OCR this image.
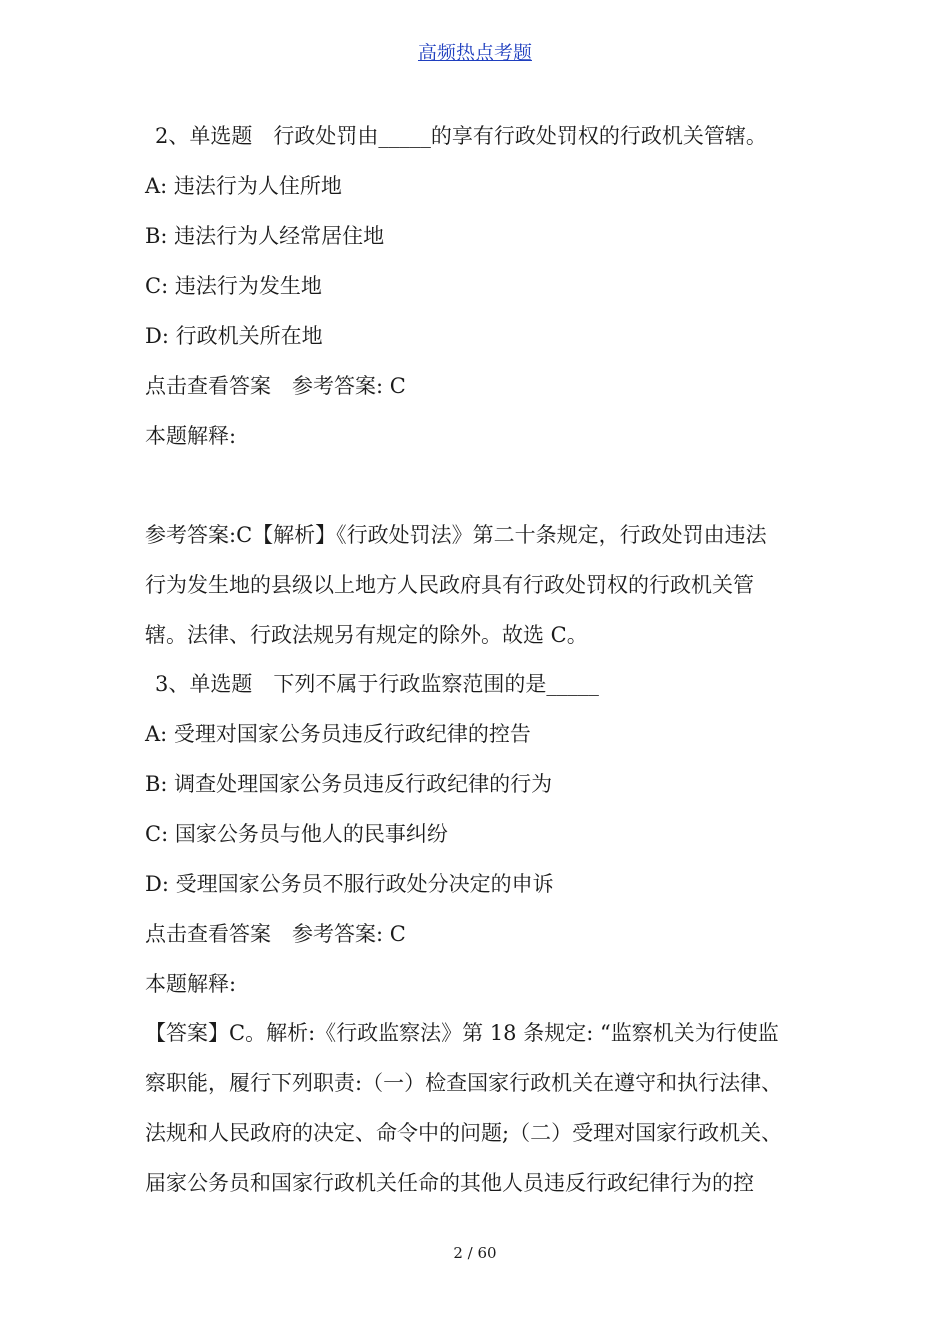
高频热点考题
2、单选题　行政处罚由_____的享有行政处罚权的行政机关管辖。
A: 违法行为人住所地
B: 违法行为人经常居住地
C: 违法行为发生地
D: 行政机关所在地
点击查看答案　参考答案: C
本题解释:
参考答案:C【解析】《行政处罚法》第二十条规定，行政处罚由违法
行为发生地的县级以上地方人民政府具有行政处罚权的行政机关管
辖。法律、行政法规另有规定的除外。故选 C。
3、单选题　下列不属于行政监察范围的是_____
A: 受理对国家公务员违反行政纪律的控告
B: 调查处理国家公务员违反行政纪律的行为
C: 国家公务员与他人的民事纠纷
D: 受理国家公务员不服行政处分决定的申诉
点击查看答案　参考答案: C
本题解释:
【答案】C。解析:《行政监察法》第 18 条规定: “监察机关为行使监
察职能，履行下列职责:（一）检查国家行政机关在遵守和执行法律、
法规和人民政府的决定、命令中的问题;（二）受理对国家行政机关、
届家公务员和国家行政机关任命的其他人员违反行政纪律行为的控
2 / 60
